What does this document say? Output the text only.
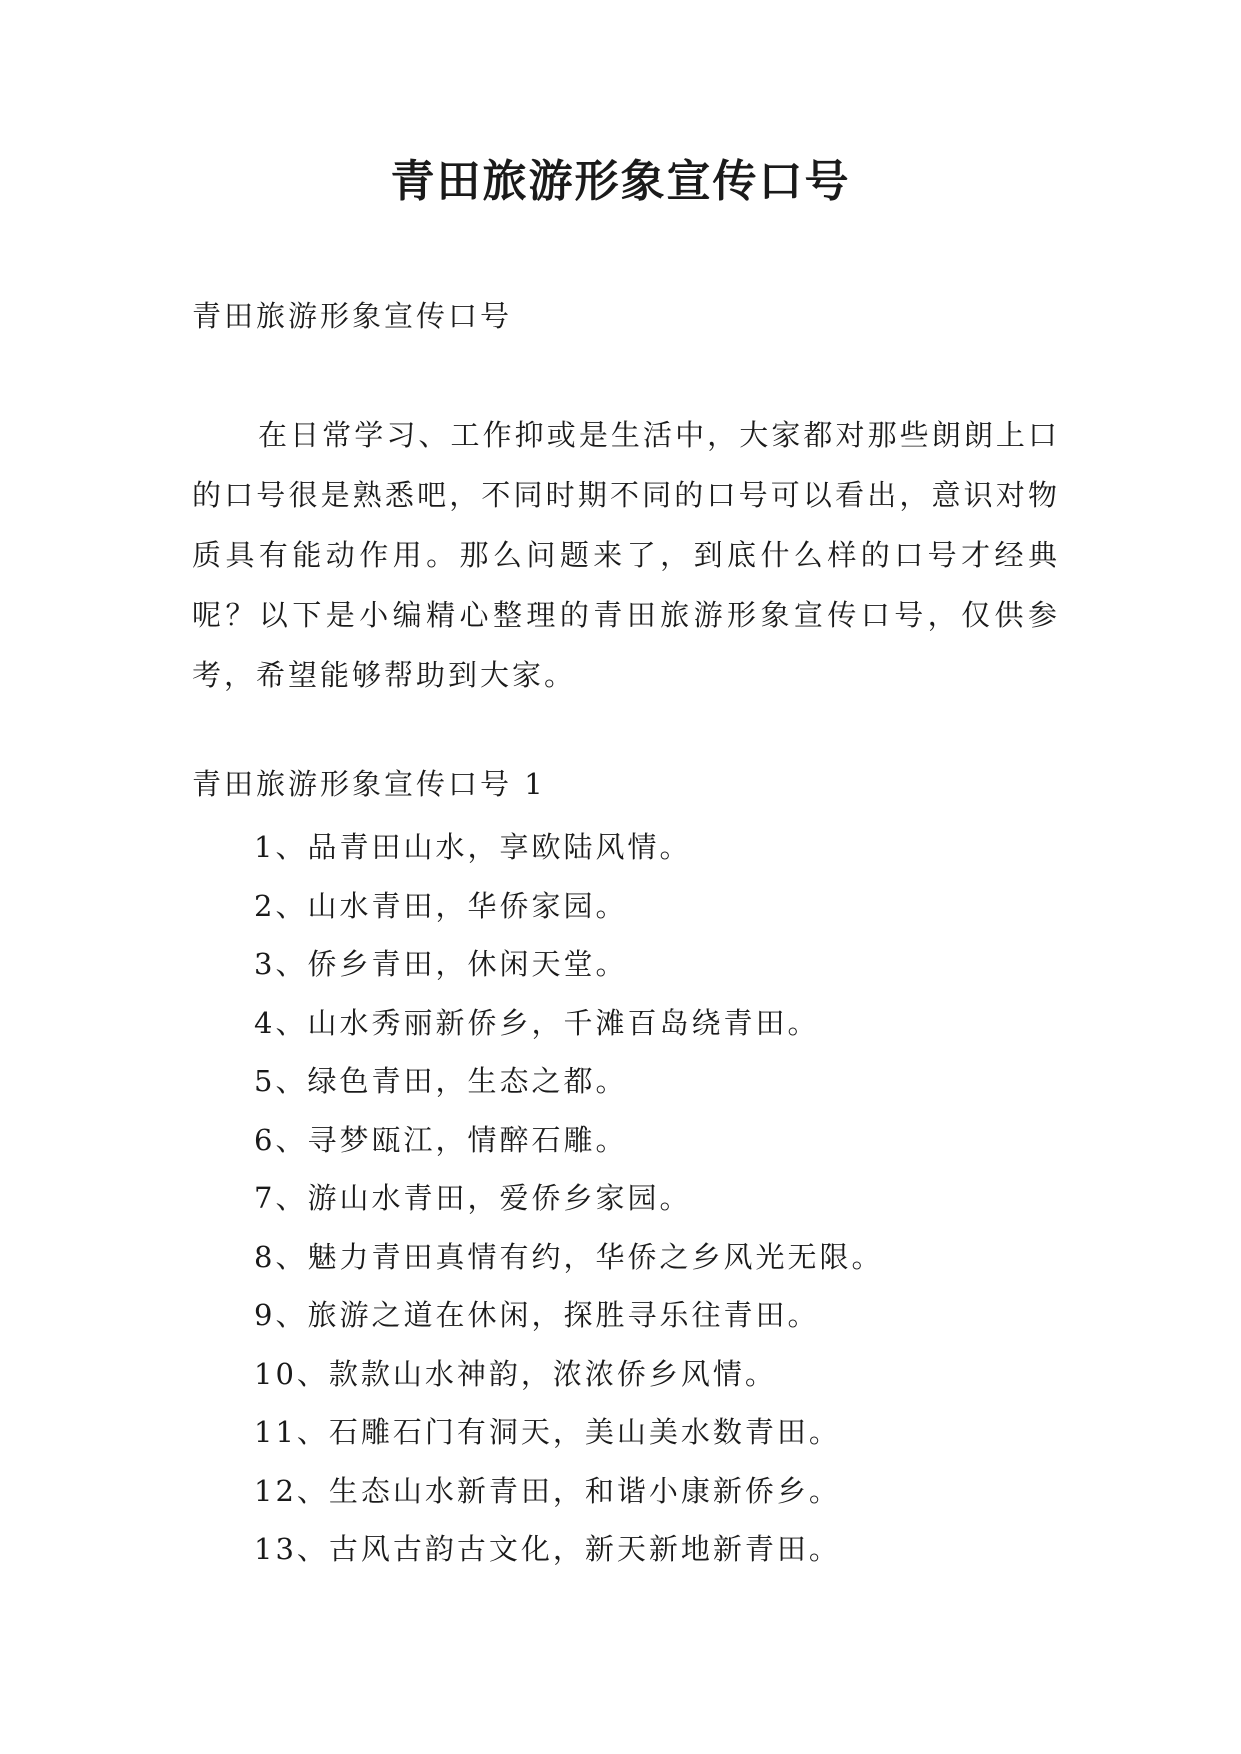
青田旅游形象宣传口号

青田旅游形象宣传口号

在日常学习、工作抑或是生活中，大家都对那些朗朗上口的口号很是熟悉吧，不同时期不同的口号可以看出，意识对物质具有能动作用。那么问题来了，到底什么样的口号才经典呢？以下是小编精心整理的青田旅游形象宣传口号，仅供参考，希望能够帮助到大家。

青田旅游形象宣传口号 1

1、品青田山水，享欧陆风情。
2、山水青田，华侨家园。
3、侨乡青田，休闲天堂。
4、山水秀丽新侨乡，千滩百岛绕青田。
5、绿色青田，生态之都。
6、寻梦瓯江，情醉石雕。
7、游山水青田，爱侨乡家园。
8、魅力青田真情有约，华侨之乡风光无限。
9、旅游之道在休闲，探胜寻乐往青田。
10、款款山水神韵，浓浓侨乡风情。
11、石雕石门有洞天，美山美水数青田。
12、生态山水新青田，和谐小康新侨乡。
13、古风古韵古文化，新天新地新青田。
